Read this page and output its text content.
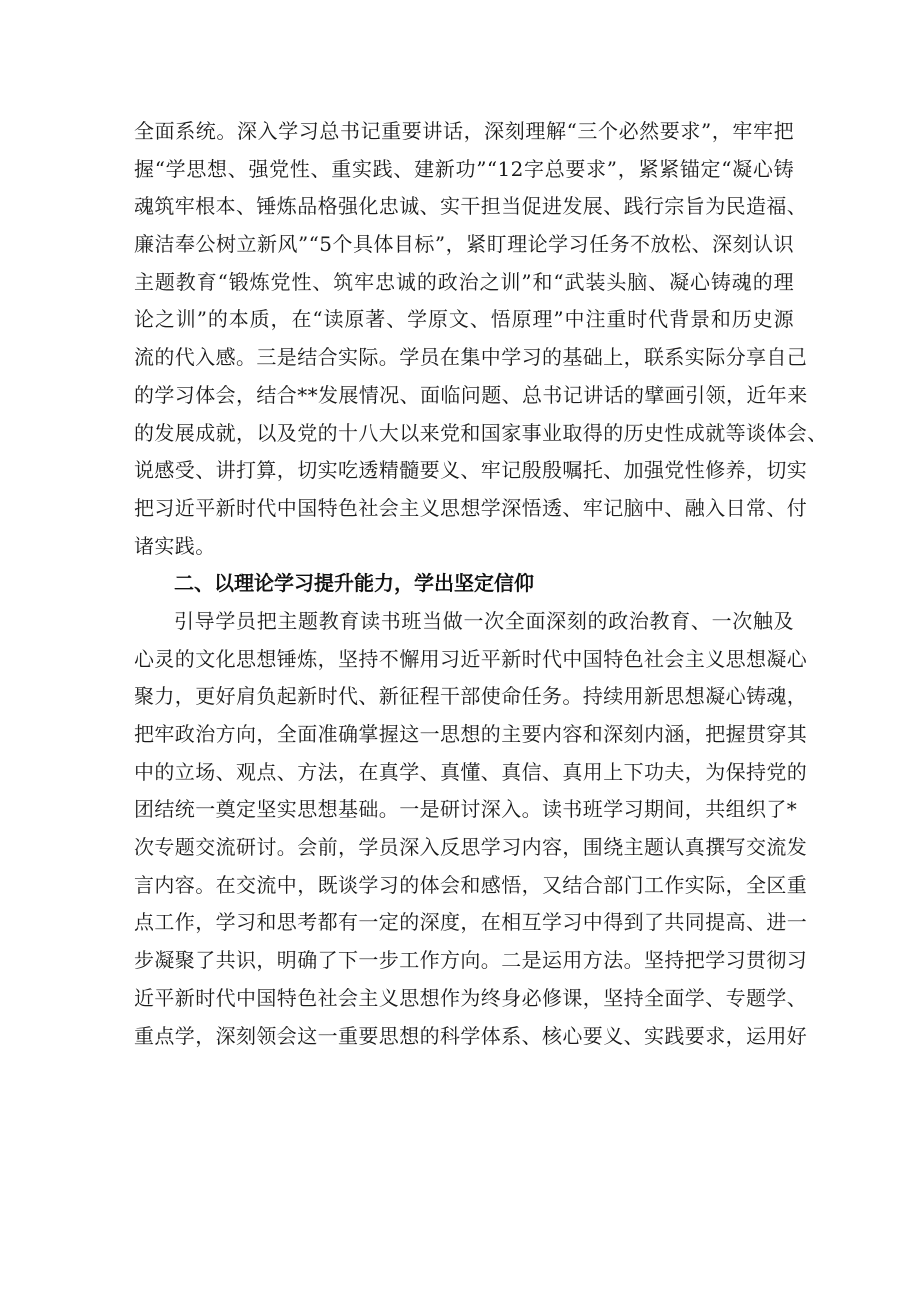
全面系统。深入学习总书记重要讲话，深刻理解“三个必然要求”，牢牢把
握“学思想、强党性、重实践、建新功”“12字总要求”，紧紧锚定“凝心铸
魂筑牢根本、锤炼品格强化忠诚、实干担当促进发展、践行宗旨为民造福、
廉洁奉公树立新风”“5个具体目标”，紧盯理论学习任务不放松、深刻认识
主题教育“锻炼党性、筑牢忠诚的政治之训”和“武装头脑、凝心铸魂的理
论之训”的本质，在“读原著、学原文、悟原理”中注重时代背景和历史源
流的代入感。三是结合实际。学员在集中学习的基础上，联系实际分享自己
的学习体会，结合**发展情况、面临问题、总书记讲话的擘画引领，近年来
的发展成就，以及党的十八大以来党和国家事业取得的历史性成就等谈体会、
说感受、讲打算，切实吃透精髓要义、牢记殷殷嘱托、加强党性修养，切实
把习近平新时代中国特色社会主义思想学深悟透、牢记脑中、融入日常、付
诸实践。
二、以理论学习提升能力，学出坚定信仰
引导学员把主题教育读书班当做一次全面深刻的政治教育、一次触及
心灵的文化思想锤炼，坚持不懈用习近平新时代中国特色社会主义思想凝心
聚力，更好肩负起新时代、新征程干部使命任务。持续用新思想凝心铸魂，
把牢政治方向，全面准确掌握这一思想的主要内容和深刻内涵，把握贯穿其
中的立场、观点、方法，在真学、真懂、真信、真用上下功夫，为保持党的
团结统一奠定坚实思想基础。一是研讨深入。读书班学习期间，共组织了*
次专题交流研讨。会前，学员深入反思学习内容，围绕主题认真撰写交流发
言内容。在交流中，既谈学习的体会和感悟，又结合部门工作实际，全区重
点工作，学习和思考都有一定的深度，在相互学习中得到了共同提高、进一
步凝聚了共识，明确了下一步工作方向。二是运用方法。坚持把学习贯彻习
近平新时代中国特色社会主义思想作为终身必修课，坚持全面学、专题学、
重点学，深刻领会这一重要思想的科学体系、核心要义、实践要求，运用好
